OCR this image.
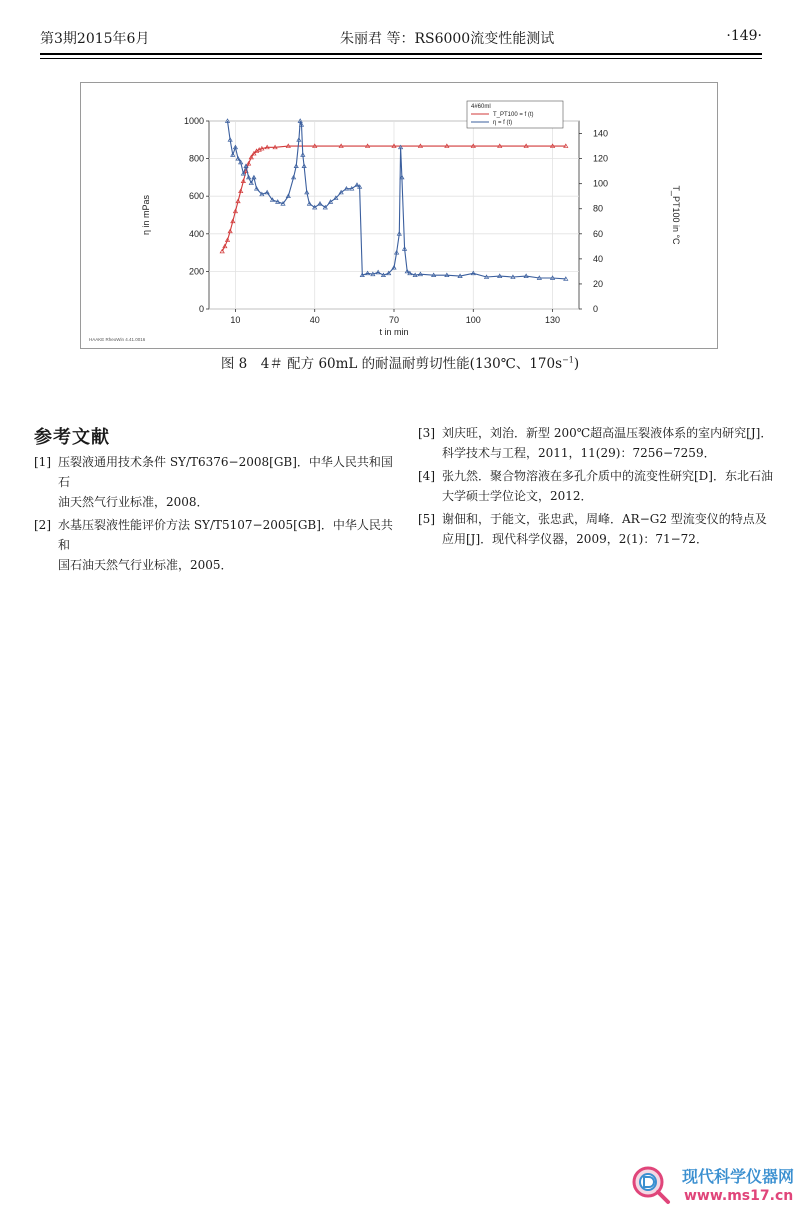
第3期2015年6月	朱丽君 等：RS6000流变性能测试	·149·
10	40	70	100	130
0
200
400
600
800
1000
0
20
40
60
80
100
120
140
t in min
η in mPas	T_PT100 in °C
4#60ml
T_PT100 = f (t)
η = f (t)
HAAKE RheoWin 4.41.0016
图 8　4＃ 配方 60mL 的耐温耐剪切性能(130℃、$170s^{-1}$)
参考文献
[1] 压裂液通用技术条件 SY/T6376−2008[GB]．中华人民共和国石
油天然气行业标准，2008．
[2] 水基压裂液性能评价方法 SY/T5107−2005[GB]．中华人民共和
国石油天然气行业标准，2005．
[3] 刘庆旺，刘治．新型 200℃超高温压裂液体系的室内研究[J]．
科学技术与工程，2011，11(29)：7256−7259．
[4] 张九然．聚合物溶液在多孔介质中的流变性研究[D]．东北石油
大学硕士学位论文，2012．
[5] 谢佃和，于能文，张忠武，周峰．AR−G2 型流变仪的特点及
应用[J]．现代科学仪器，2009，2(1)：71−72．
现代科学仪器网
www.ms17.cn
